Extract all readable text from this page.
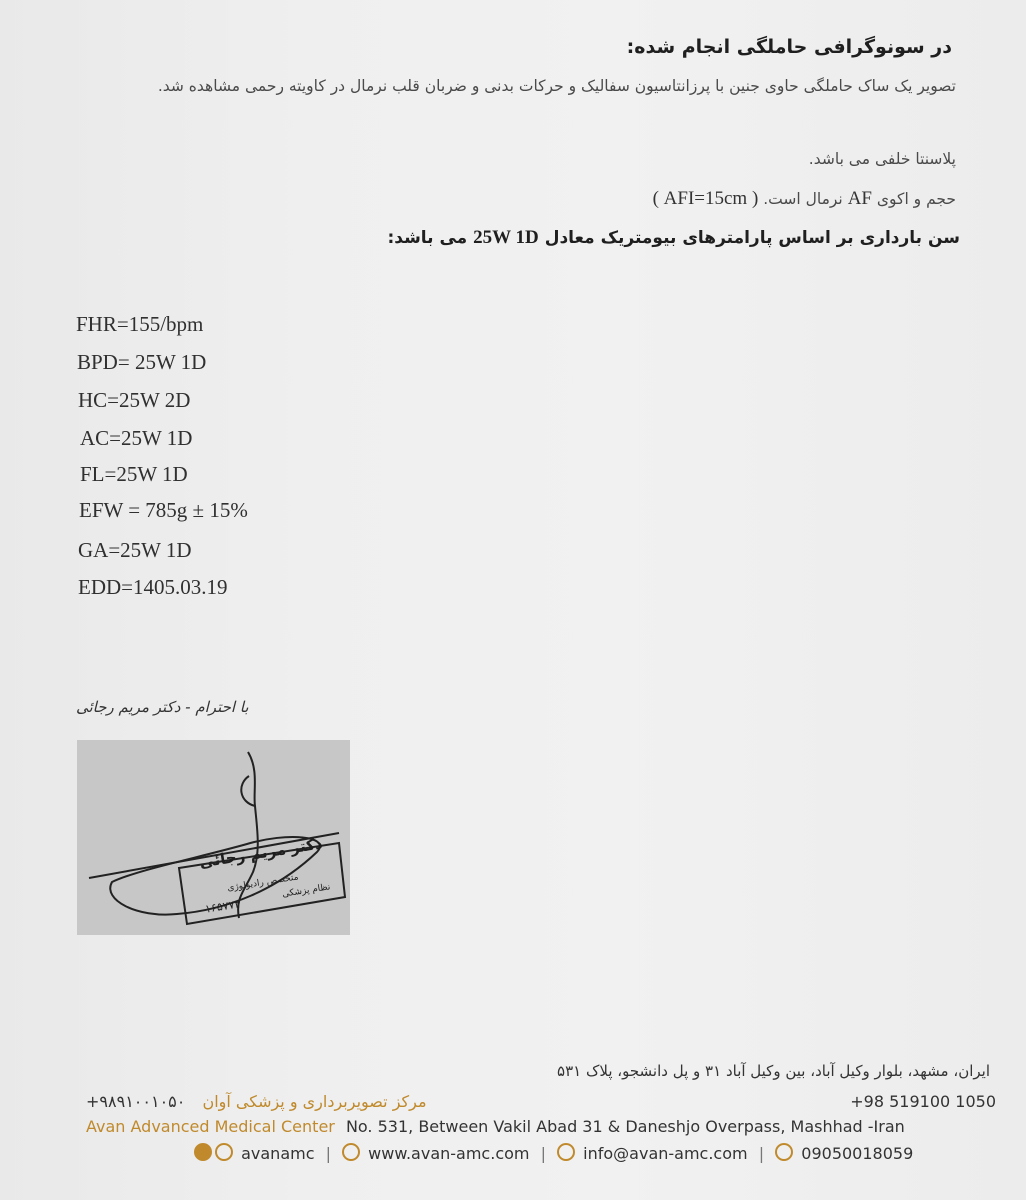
در سونوگرافی حاملگی انجام شده:
تصویر یک ساک حاملگی حاوی جنین با پرزانتاسیون سفالیک و حرکات بدنی و ضربان قلب نرمال در کاویته رحمی مشاهده شد.
پلاسنتا خلفی می باشد.
حجم و اکوی AF نرمال است. ( AFI=15cm )
سن بارداری بر اساس پارامترهای بیومتریک معادل 25W 1D می باشد:
FHR=155/bpm
BPD= 25W 1D
HC=25W 2D
AC=25W 1D
FL=25W 1D
EFW = 785g ± 15%
GA=25W 1D
EDD=1405.03.19
با احترام - دکتر مریم رجائی
دکتر مریم رجائی
متخصص رادیولوژی
نظام پزشکی
۱۶۵۷۷۴
ایران، مشهد، بلوار وکیل آباد، بین وکیل آباد ۳۱ و پل دانشجو، پلاک ۵۳۱
+۹۸۹۱۰۰۱۰۵۰ مرکز تصویربرداری و پزشکی آوان	+98 519100 1050
Avan Advanced Medical Center No. 531, Between Vakil Abad 31 & Daneshjo Overpass, Mashhad -Iran
avanamc | www.avan-amc.com | info@avan-amc.com | 09050018059
